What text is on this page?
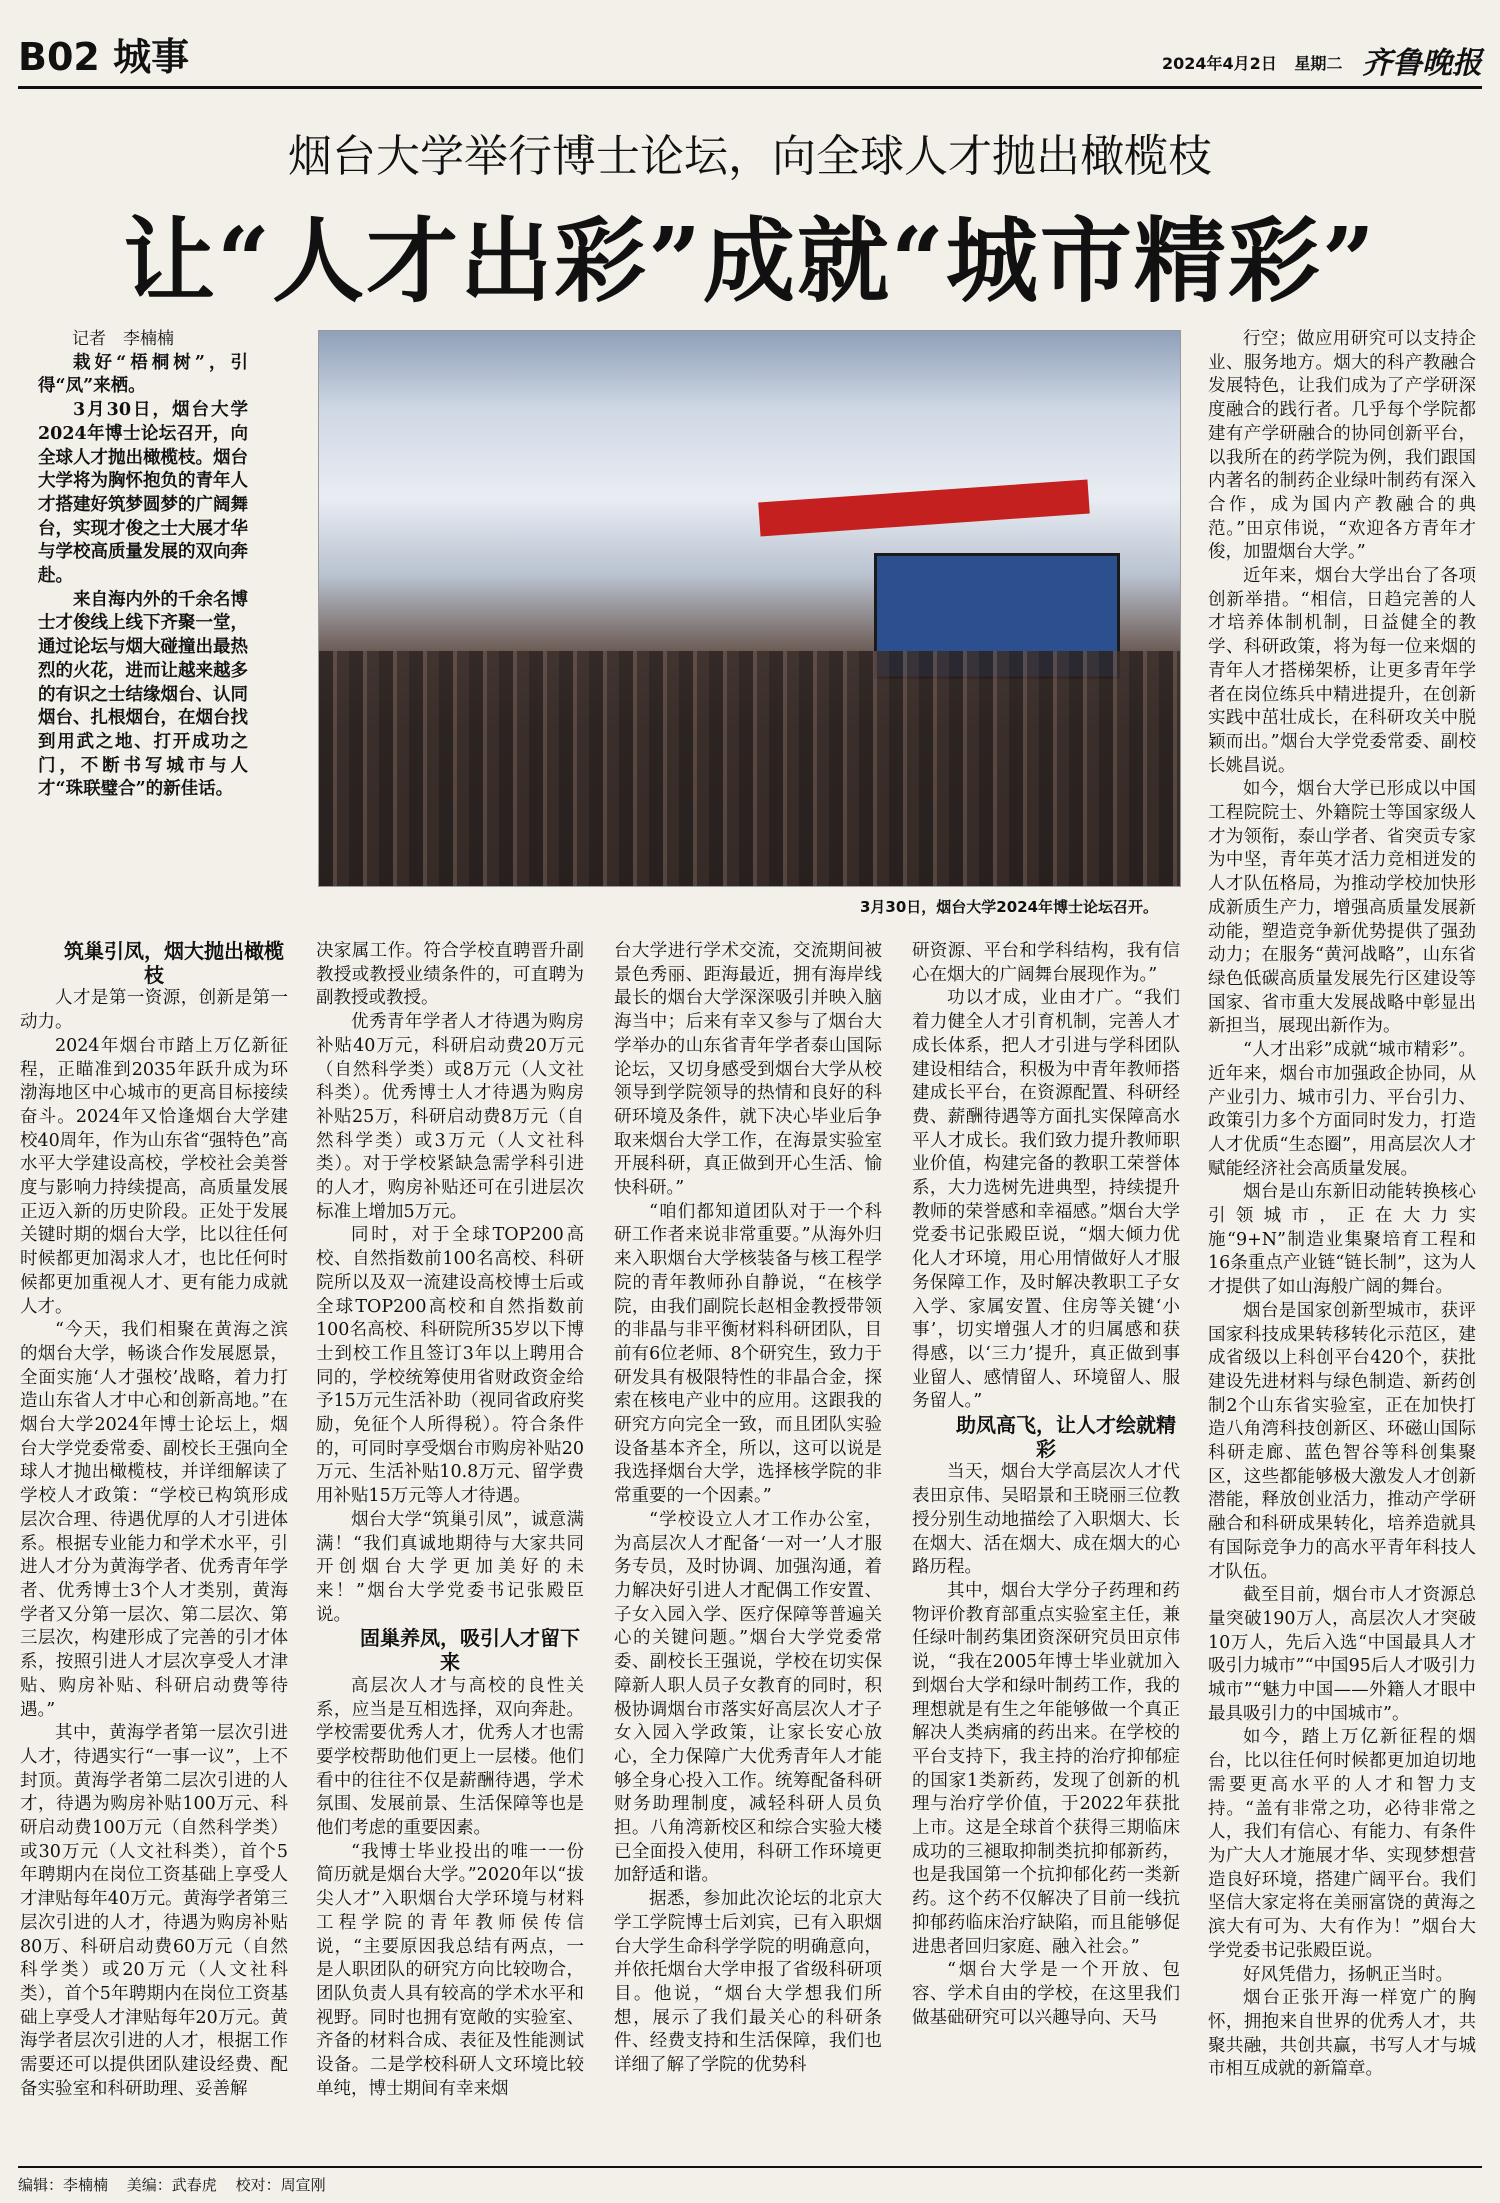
B02 城事	2024年4月2日 星期二 齐鲁晚报
烟台大学举行博士论坛，向全球人才抛出橄榄枝
让“人才出彩”成就“城市精彩”

记者　李楠楠

栽好“梧桐树”，引得“凤”来栖。

3月30日，烟台大学2024年博士论坛召开，向全球人才抛出橄榄枝。烟台大学将为胸怀抱负的青年人才搭建好筑梦圆梦的广阔舞台，实现才俊之士大展才华与学校高质量发展的双向奔赴。

来自海内外的千余名博士才俊线上线下齐聚一堂，通过论坛与烟大碰撞出最热烈的火花，进而让越来越多的有识之士结缘烟台、认同烟台、扎根烟台，在烟台找到用武之地、打开成功之门，不断书写城市与人才“珠联璧合”的新佳话。

3月30日，烟台大学2024年博士论坛召开。

行空；做应用研究可以支持企业、服务地方。烟大的科产教融合发展特色，让我们成为了产学研深度融合的践行者。几乎每个学院都建有产学研融合的协同创新平台，以我所在的药学院为例，我们跟国内著名的制药企业绿叶制药有深入合作，成为国内产教融合的典范。”田京伟说，“欢迎各方青年才俊，加盟烟台大学。”

近年来，烟台大学出台了各项创新举措。“相信，日趋完善的人才培养体制机制，日益健全的教学、科研政策，将为每一位来烟的青年人才搭梯架桥，让更多青年学者在岗位练兵中精进提升，在创新实践中茁壮成长，在科研攻关中脱颖而出。”烟台大学党委常委、副校长姚昌说。

如今，烟台大学已形成以中国工程院院士、外籍院士等国家级人才为领衔，泰山学者、省突贡专家为中坚，青年英才活力竞相迸发的人才队伍格局，为推动学校加快形成新质生产力，增强高质量发展新动能，塑造竞争新优势提供了强劲动力；在服务“黄河战略”，山东省绿色低碳高质量发展先行区建设等国家、省市重大发展战略中彰显出新担当，展现出新作为。

“人才出彩”成就“城市精彩”。近年来，烟台市加强政企协同，从产业引力、城市引力、平台引力、政策引力多个方面同时发力，打造人才优质“生态圈”，用高层次人才赋能经济社会高质量发展。

烟台是山东新旧动能转换核心引领城市，正在大力实施“9+N”制造业集聚培育工程和16条重点产业链“链长制”，这为人才提供了如山海般广阔的舞台。

烟台是国家创新型城市，获评国家科技成果转移转化示范区，建成省级以上科创平台420个，获批建设先进材料与绿色制造、新药创制2个山东省实验室，正在加快打造八角湾科技创新区、环磁山国际科研走廊、蓝色智谷等科创集聚区，这些都能够极大激发人才创新潜能，释放创业活力，推动产学研融合和科研成果转化，培养造就具有国际竞争力的高水平青年科技人才队伍。

截至目前，烟台市人才资源总量突破190万人，高层次人才突破10万人，先后入选“中国最具人才吸引力城市”“中国95后人才吸引力城市”“魅力中国——外籍人才眼中最具吸引力的中国城市”。

如今，踏上万亿新征程的烟台，比以往任何时候都更加迫切地需要更高水平的人才和智力支持。“盖有非常之功，必待非常之人，我们有信心、有能力、有条件为广大人才施展才华、实现梦想营造良好环境，搭建广阔平台。我们坚信大家定将在美丽富饶的黄海之滨大有可为、大有作为！”烟台大学党委书记张殿臣说。

好风凭借力，扬帆正当时。

烟台正张开海一样宽广的胸怀，拥抱来自世界的优秀人才，共聚共融，共创共赢，书写人才与城市相互成就的新篇章。

筑巢引凤，烟大抛出橄榄枝

人才是第一资源，创新是第一动力。

2024年烟台市踏上万亿新征程，正瞄准到2035年跃升成为环渤海地区中心城市的更高目标接续奋斗。2024年又恰逢烟台大学建校40周年，作为山东省“强特色”高水平大学建设高校，学校社会美誉度与影响力持续提高，高质量发展正迈入新的历史阶段。正处于发展关键时期的烟台大学，比以往任何时候都更加渴求人才，也比任何时候都更加重视人才、更有能力成就人才。

“今天，我们相聚在黄海之滨的烟台大学，畅谈合作发展愿景，全面实施‘人才强校’战略，着力打造山东省人才中心和创新高地。”在烟台大学2024年博士论坛上，烟台大学党委常委、副校长王强向全球人才抛出橄榄枝，并详细解读了学校人才政策：“学校已构筑形成层次合理、待遇优厚的人才引进体系。根据专业能力和学术水平，引进人才分为黄海学者、优秀青年学者、优秀博士3个人才类别，黄海学者又分第一层次、第二层次、第三层次，构建形成了完善的引才体系，按照引进人才层次享受人才津贴、购房补贴、科研启动费等待遇。”

其中，黄海学者第一层次引进人才，待遇实行“一事一议”，上不封顶。黄海学者第二层次引进的人才，待遇为购房补贴100万元、科研启动费100万元（自然科学类）或30万元（人文社科类），首个5年聘期内在岗位工资基础上享受人才津贴每年40万元。黄海学者第三层次引进的人才，待遇为购房补贴80万、科研启动费60万元（自然科学类）或20万元（人文社科类），首个5年聘期内在岗位工资基础上享受人才津贴每年20万元。黄海学者层次引进的人才，根据工作需要还可以提供团队建设经费、配备实验室和科研助理、妥善解

决家属工作。符合学校直聘晋升副教授或教授业绩条件的，可直聘为副教授或教授。

优秀青年学者人才待遇为购房补贴40万元，科研启动费20万元（自然科学类）或8万元（人文社科类）。优秀博士人才待遇为购房补贴25万，科研启动费8万元（自然科学类）或3万元（人文社科类）。对于学校紧缺急需学科引进的人才，购房补贴还可在引进层次标准上增加5万元。

同时，对于全球TOP200高校、自然指数前100名高校、科研院所以及双一流建设高校博士后或全球TOP200高校和自然指数前100名高校、科研院所35岁以下博士到校工作且签订3年以上聘用合同的，学校统筹使用省财政资金给予15万元生活补助（视同省政府奖励，免征个人所得税）。符合条件的，可同时享受烟台市购房补贴20万元、生活补贴10.8万元、留学费用补贴15万元等人才待遇。

烟台大学“筑巢引凤”，诚意满满！“我们真诚地期待与大家共同开创烟台大学更加美好的未来！”烟台大学党委书记张殿臣说。

固巢养凤，吸引人才留下来

高层次人才与高校的良性关系，应当是互相选择，双向奔赴。学校需要优秀人才，优秀人才也需要学校帮助他们更上一层楼。他们看中的往往不仅是薪酬待遇，学术氛围、发展前景、生活保障等也是他们考虑的重要因素。

“我博士毕业投出的唯一一份简历就是烟台大学。”2020年以“拔尖人才”入职烟台大学环境与材料工程学院的青年教师侯传信说，“主要原因我总结有两点，一是人职团队的研究方向比较吻合，团队负责人具有较高的学术水平和视野。同时也拥有宽敞的实验室、齐备的材料合成、表征及性能测试设备。二是学校科研人文环境比较单纯，博士期间有幸来烟

台大学进行学术交流，交流期间被景色秀丽、距海最近，拥有海岸线最长的烟台大学深深吸引并映入脑海当中；后来有幸又参与了烟台大学举办的山东省青年学者泰山国际论坛，又切身感受到烟台大学从校领导到学院领导的热情和良好的科研环境及条件，就下决心毕业后争取来烟台大学工作，在海景实验室开展科研，真正做到开心生活、愉快科研。”

“咱们都知道团队对于一个科研工作者来说非常重要。”从海外归来入职烟台大学核装备与核工程学院的青年教师孙自静说，“在核学院，由我们副院长赵相金教授带领的非晶与非平衡材料科研团队，目前有6位老师、8个研究生，致力于研发具有极限特性的非晶合金，探索在核电产业中的应用。这跟我的研究方向完全一致，而且团队实验设备基本齐全，所以，这可以说是我选择烟台大学，选择核学院的非常重要的一个因素。”

“学校设立人才工作办公室，为高层次人才配备‘一对一’人才服务专员，及时协调、加强沟通，着力解决好引进人才配偶工作安置、子女入园入学、医疗保障等普遍关心的关键问题。”烟台大学党委常委、副校长王强说，学校在切实保障新人职人员子女教育的同时，积极协调烟台市落实好高层次人才子女入园入学政策，让家长安心放心，全力保障广大优秀青年人才能够全身心投入工作。统筹配备科研财务助理制度，减轻科研人员负担。八角湾新校区和综合实验大楼已全面投入使用，科研工作环境更加舒适和谐。

据悉，参加此次论坛的北京大学工学院博士后刘宾，已有入职烟台大学生命科学学院的明确意向，并依托烟台大学申报了省级科研项目。他说，“烟台大学想我们所想，展示了我们最关心的科研条件、经费支持和生活保障，我们也详细了解了学院的优势科

研资源、平台和学科结构，我有信心在烟大的广阔舞台展现作为。”

功以才成，业由才广。“我们着力健全人才引育机制，完善人才成长体系，把人才引进与学科团队建设相结合，积极为中青年教师搭建成长平台，在资源配置、科研经费、薪酬待遇等方面扎实保障高水平人才成长。我们致力提升教师职业价值，构建完备的教职工荣誉体系，大力选树先进典型，持续提升教师的荣誉感和幸福感。”烟台大学党委书记张殿臣说，“烟大倾力优化人才环境，用心用情做好人才服务保障工作，及时解决教职工子女入学、家属安置、住房等关键‘小事’，切实增强人才的归属感和获得感，以‘三力’提升，真正做到事业留人、感情留人、环境留人、服务留人。”

助凤高飞，让人才绘就精彩

当天，烟台大学高层次人才代表田京伟、吴昭景和王晓丽三位教授分别生动地描绘了入职烟大、长在烟大、活在烟大、成在烟大的心路历程。

其中，烟台大学分子药理和药物评价教育部重点实验室主任，兼任绿叶制药集团资深研究员田京伟说，“我在2005年博士毕业就加入到烟台大学和绿叶制药工作，我的理想就是有生之年能够做一个真正解决人类病痛的药出来。在学校的平台支持下，我主持的治疗抑郁症的国家1类新药，发现了创新的机理与治疗学价值，于2022年获批上市。这是全球首个获得三期临床成功的三褪取抑制类抗抑郁新药，也是我国第一个抗抑郁化药一类新药。这个药不仅解决了目前一线抗抑郁药临床治疗缺陷，而且能够促进患者回归家庭、融入社会。”

“烟台大学是一个开放、包容、学术自由的学校，在这里我们做基础研究可以兴趣导向、天马

编辑：李楠楠 美编：武春虎 校对：周宣刚
